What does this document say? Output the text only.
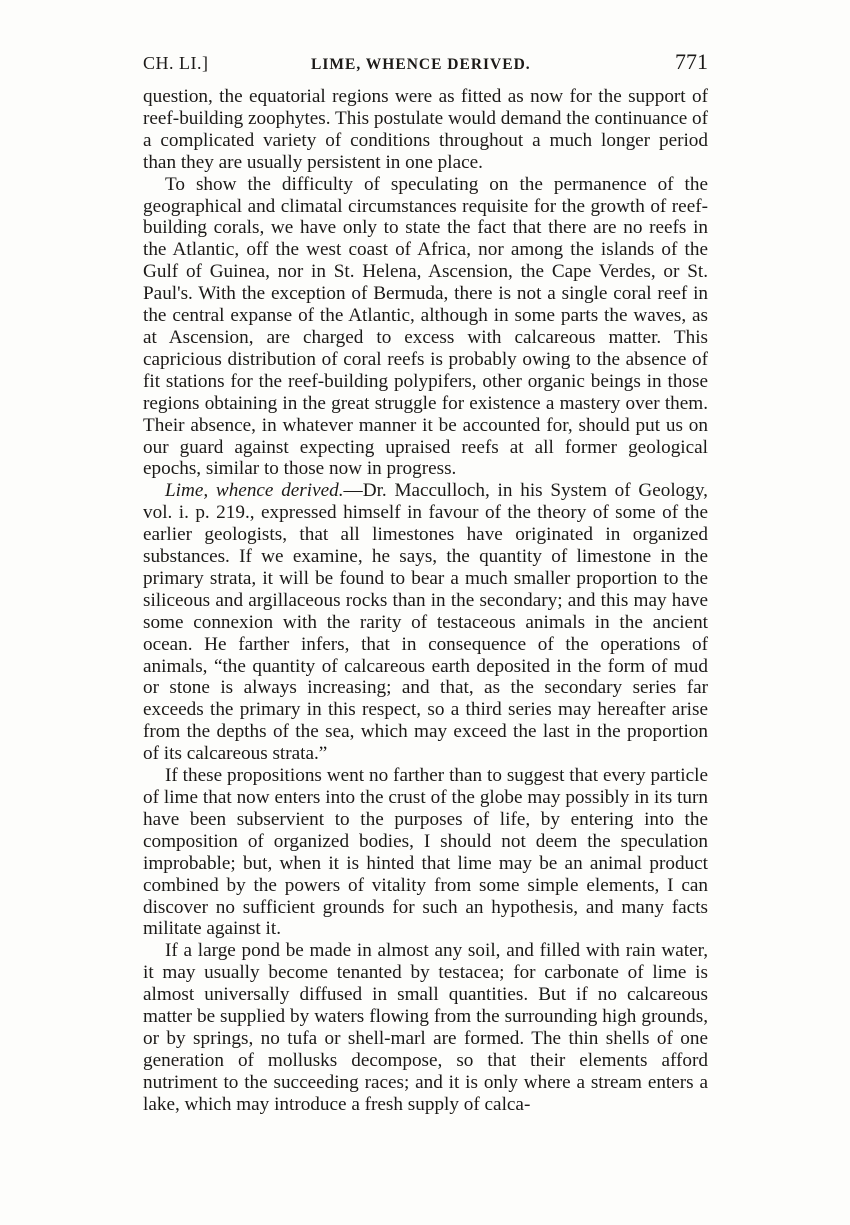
CH. LI.]	LIME, WHENCE DERIVED.	771

question, the equatorial regions were as fitted as now for the support of reef-building zoophytes. This postulate would demand the continuance of a complicated variety of conditions throughout a much longer period than they are usually persistent in one place.

To show the difficulty of speculating on the permanence of the geographical and climatal circumstances requisite for the growth of reef-building corals, we have only to state the fact that there are no reefs in the Atlantic, off the west coast of Africa, nor among the islands of the Gulf of Guinea, nor in St. Helena, Ascension, the Cape Verdes, or St. Paul's. With the exception of Bermuda, there is not a single coral reef in the central expanse of the Atlantic, although in some parts the waves, as at Ascension, are charged to excess with calcareous matter. This capricious distribution of coral reefs is probably owing to the absence of fit stations for the reef-building polypifers, other organic beings in those regions obtaining in the great struggle for existence a mastery over them. Their absence, in whatever manner it be accounted for, should put us on our guard against expecting upraised reefs at all former geological epochs, similar to those now in progress.

Lime, whence derived.—Dr. Macculloch, in his System of Geology, vol. i. p. 219., expressed himself in favour of the theory of some of the earlier geologists, that all limestones have originated in organized substances. If we examine, he says, the quantity of limestone in the primary strata, it will be found to bear a much smaller proportion to the siliceous and argillaceous rocks than in the secondary; and this may have some connexion with the rarity of testaceous animals in the ancient ocean. He farther infers, that in consequence of the operations of animals, “the quantity of calcareous earth deposited in the form of mud or stone is always increasing; and that, as the secondary series far exceeds the primary in this respect, so a third series may hereafter arise from the depths of the sea, which may exceed the last in the proportion of its calcareous strata.”

If these propositions went no farther than to suggest that every particle of lime that now enters into the crust of the globe may possibly in its turn have been subservient to the purposes of life, by entering into the composition of organized bodies, I should not deem the speculation improbable; but, when it is hinted that lime may be an animal product combined by the powers of vitality from some simple elements, I can discover no sufficient grounds for such an hypothesis, and many facts militate against it.

If a large pond be made in almost any soil, and filled with rain water, it may usually become tenanted by testacea; for carbonate of lime is almost universally diffused in small quantities. But if no calcareous matter be supplied by waters flowing from the surrounding high grounds, or by springs, no tufa or shell-marl are formed. The thin shells of one generation of mollusks decompose, so that their elements afford nutriment to the succeeding races; and it is only where a stream enters a lake, which may introduce a fresh supply of calca-
